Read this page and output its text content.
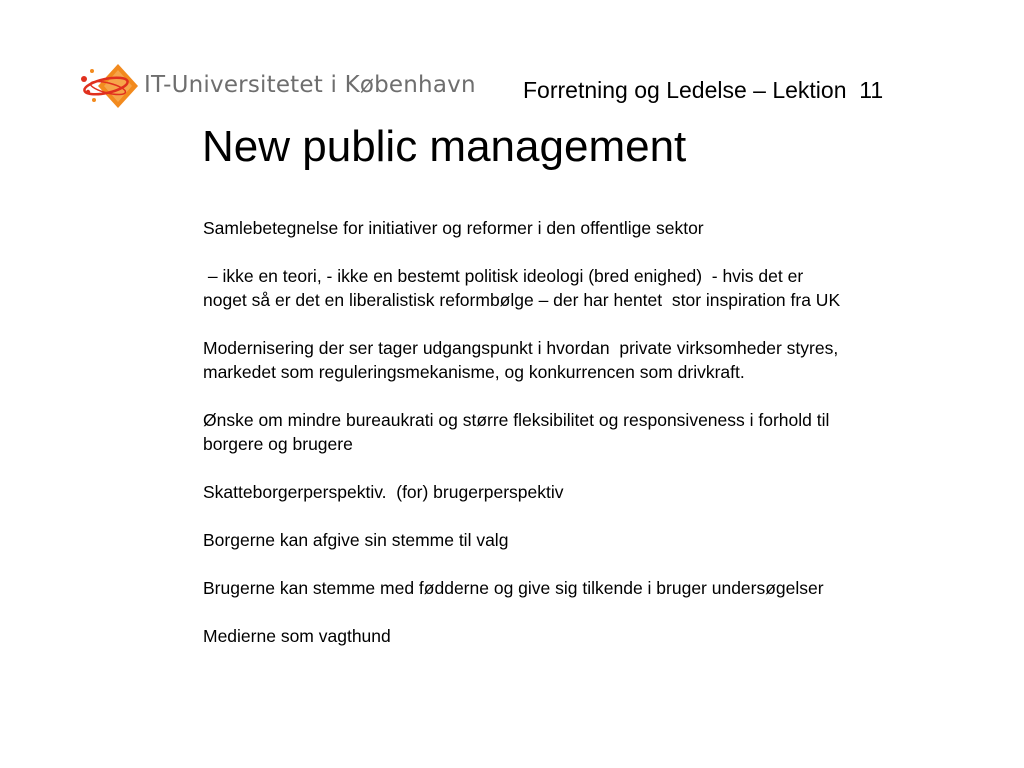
IT-Universitetet i København Forretning og Ledelse – Lektion  11
New public management

Samlebetegnelse for initiativer og reformer i den offentlige sektor

– ikke en teori, - ikke en bestemt politisk ideologi (bred enighed)  - hvis det er noget så er det en liberalistisk reformbølge – der har hentet  stor inspiration fra UK

Modernisering der ser tager udgangspunkt i hvordan  private virksomheder styres, markedet som reguleringsmekanisme, og konkurrencen som drivkraft.

Ønske om mindre bureaukrati og større fleksibilitet og responsiveness i forhold til borgere og brugere

Skatteborgerperspektiv.  (for) brugerperspektiv

Borgerne kan afgive sin stemme til valg

Brugerne kan stemme med fødderne og give sig tilkende i bruger undersøgelser

Medierne som vagthund
